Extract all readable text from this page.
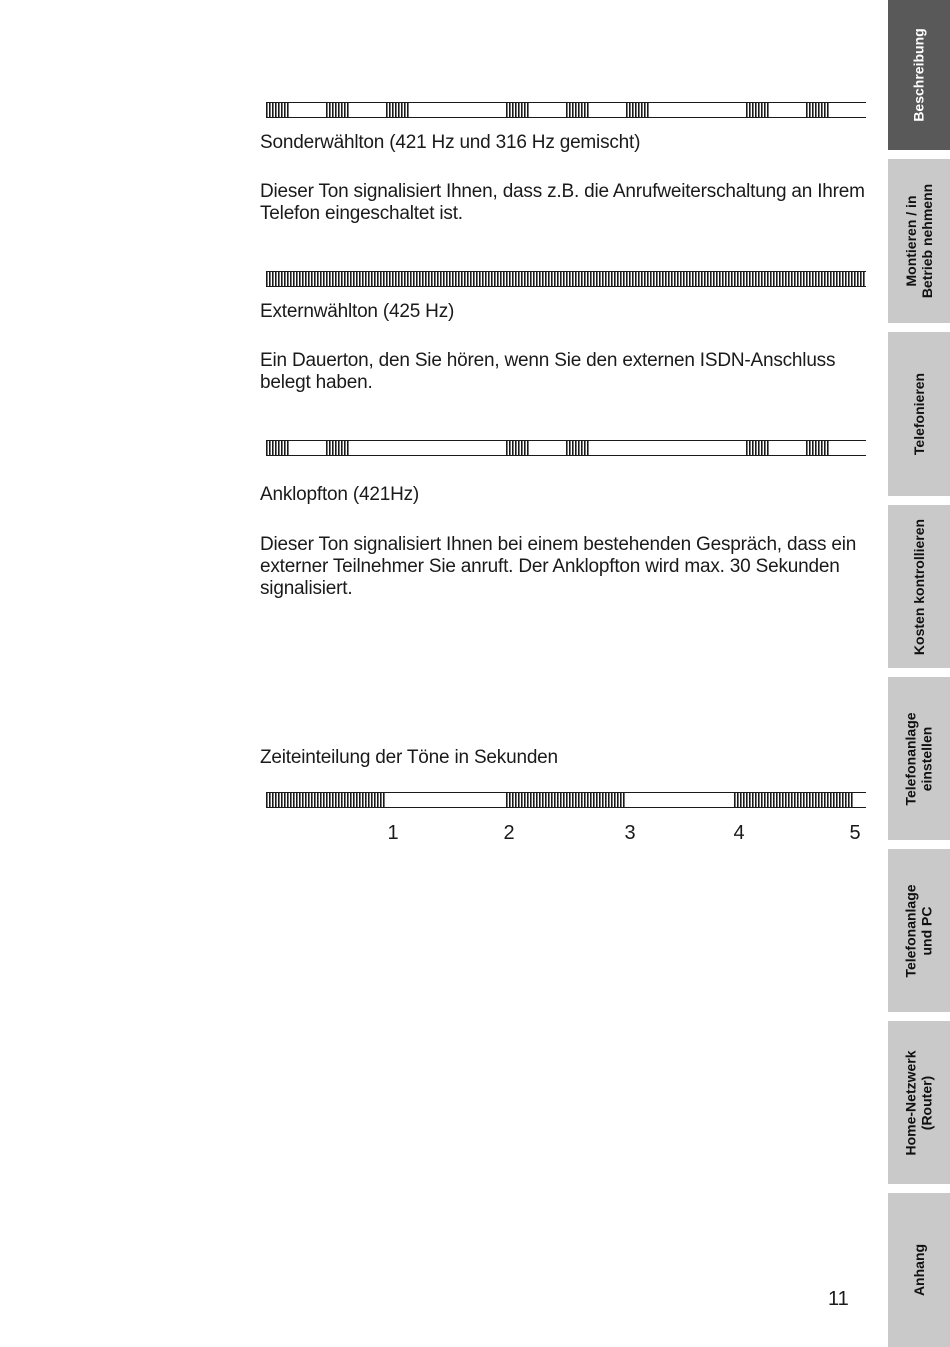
Sonderwählton (421 Hz und 316 Hz gemischt)

Dieser Ton signalisiert Ihnen, dass z.B. die Anrufweiterschaltung an Ihrem Telefon eingeschaltet ist.

Externwählton (425 Hz)

Ein Dauerton, den Sie hören, wenn Sie den externen ISDN-Anschluss belegt haben.

Anklopfton (421Hz)

Dieser Ton signalisiert Ihnen bei einem bestehenden Gespräch, dass ein externer Teilnehmer Sie anruft. Der Anklopfton wird max. 30 Sekunden signalisiert.

Zeiteinteilung der Töne in Sekunden

1	2	3	4	5
11
Beschreibung
Montieren / in
Betrieb nehmenn
Telefonieren
Kosten kontrollieren
Telefonanlage
einstellen
Telefonanlage
und PC
Home-Netzwerk
(Router)
Anhang
